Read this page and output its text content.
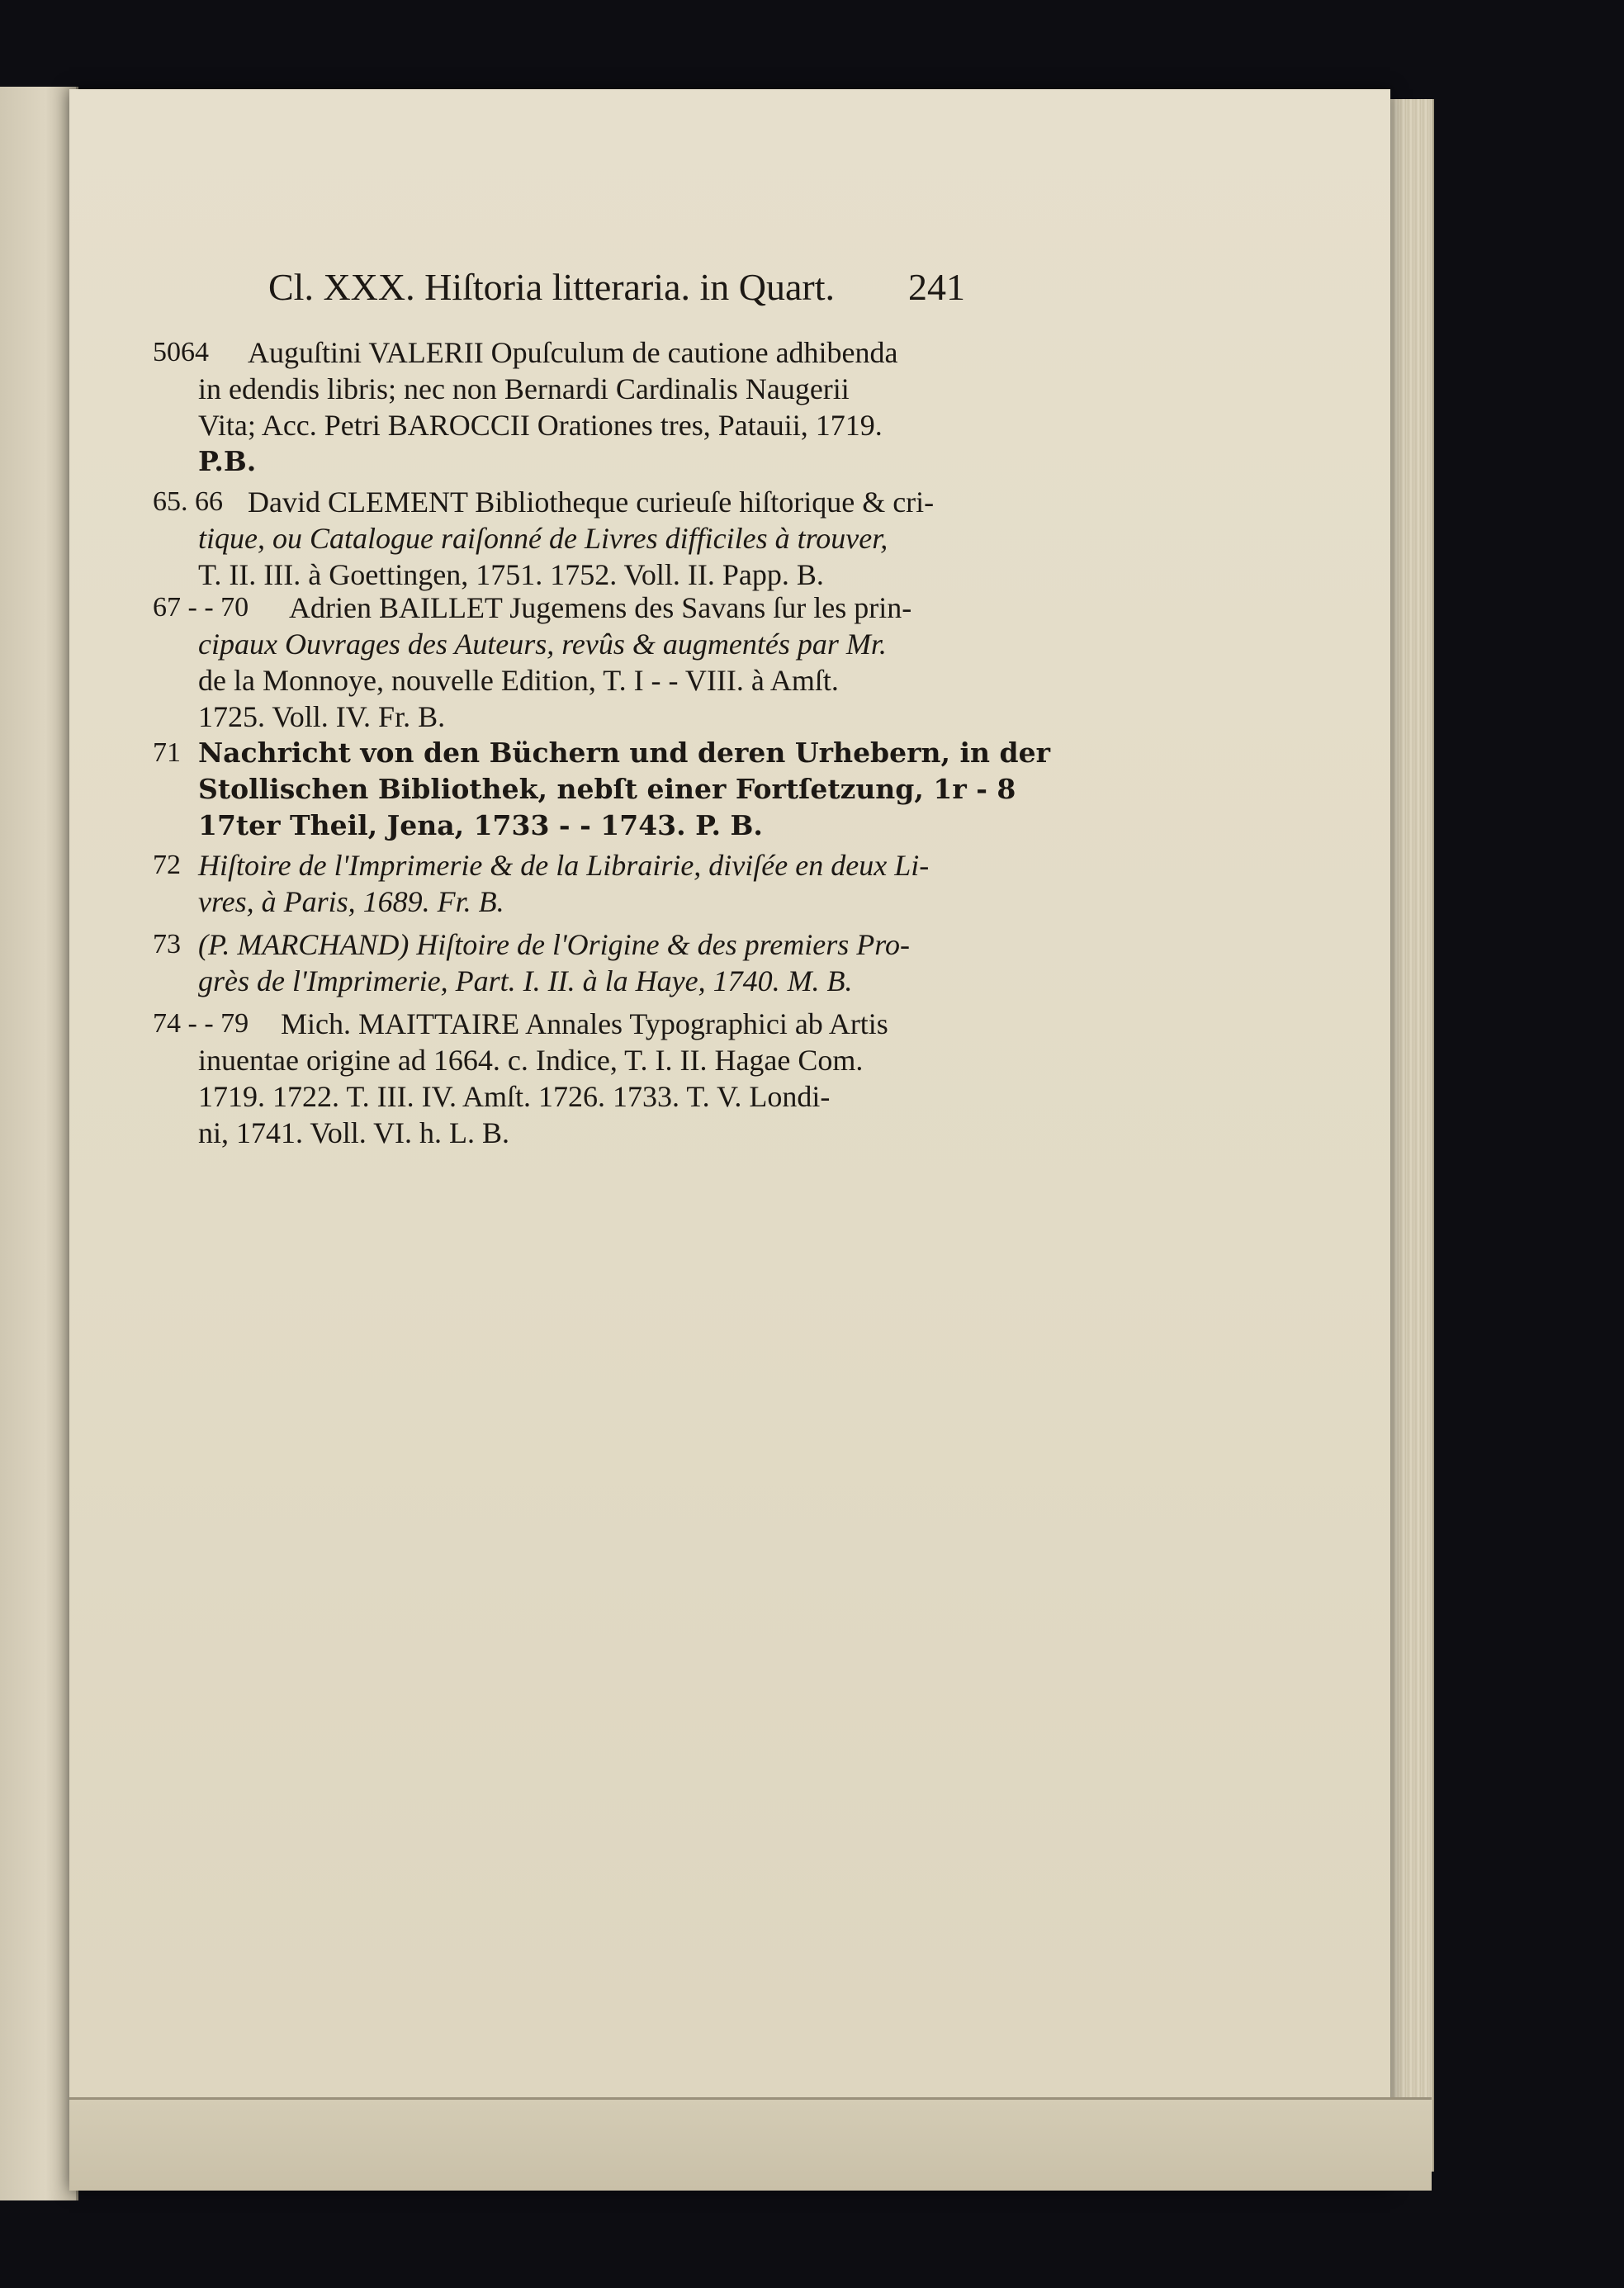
Cl. XXX. Hiſtoria litteraria. in Quart. 241
5064 Auguſtini VALERII Opuſculum de cautione adhibenda
in edendis libris; nec non Bernardi Cardinalis Naugerii
Vita; Acc. Petri BAROCCII Orationes tres, Patauii, 1719.
P.B.
65. 66 David CLEMENT Bibliotheque curieuſe hiſtorique & cri-
tique, ou Catalogue raiſonné de Livres difficiles à trouver,
T. II. III. à Goettingen, 1751. 1752. Voll. II. Papp. B.
67 - - 70 Adrien BAILLET Jugemens des Savans ſur les prin-
cipaux Ouvrages des Auteurs, revûs & augmentés par Mr.
de la Monnoye, nouvelle Edition, T. I - - VIII. à Amſt.
1725. Voll. IV. Fr. B.
71 Nachricht von den Büchern und deren Urhebern, in der
Stollischen Bibliothek, nebſt einer Fortſetzung, 1r - 8
17ter Theil, Jena, 1733 - - 1743. P. B.
72 Hiſtoire de l'Imprimerie & de la Librairie, diviſée en deux Li-
vres, à Paris, 1689. Fr. B.
73 (P. MARCHAND) Hiſtoire de l'Origine & des premiers Pro-
grès de l'Imprimerie, Part. I. II. à la Haye, 1740. M. B.
74 - - 79 Mich. MAITTAIRE Annales Typographici ab Artis
inuentae origine ad 1664. c. Indice, T. I. II. Hagae Com.
1719. 1722. T. III. IV. Amſt. 1726. 1733. T. V. Londi-
ni, 1741. Voll. VI. h. L. B.
